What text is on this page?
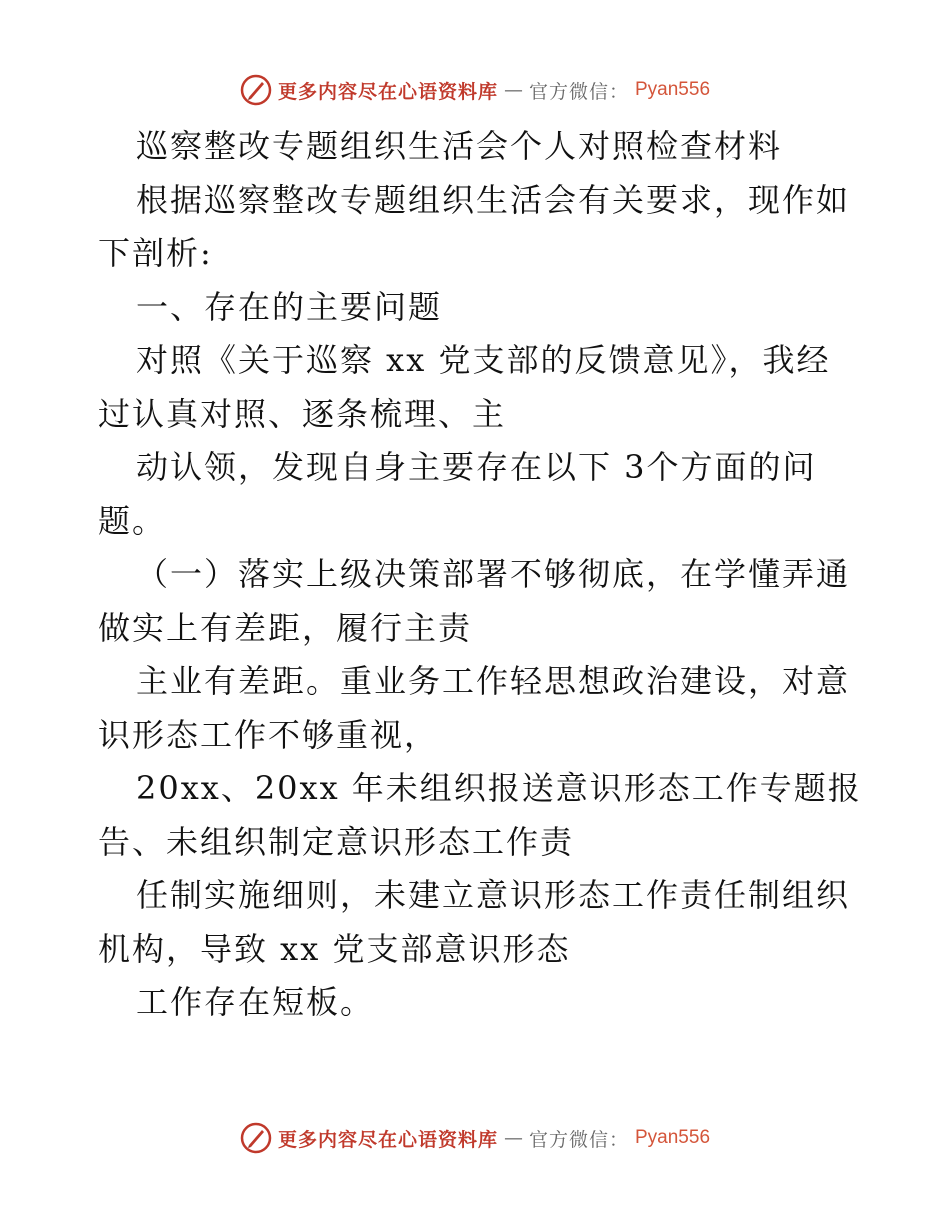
更多内容尽在心语资料库 — 官方微信： Pyan556
巡察整改专题组织生活会个人对照检查材料
根据巡察整改专题组织生活会有关要求，现作如
下剖析:
一、存在的主要问题
对照《关于巡察 xx 党支部的反馈意见》，我经
过认真对照、逐条梳理、主
动认领，发现自身主要存在以下 3个方面的问
题。
（一）落实上级决策部署不够彻底，在学懂弄通
做实上有差距，履行主责
主业有差距。重业务工作轻思想政治建设，对意
识形态工作不够重视，
20xx、20xx 年未组织报送意识形态工作专题报
告、未组织制定意识形态工作责
任制实施细则，未建立意识形态工作责任制组织
机构，导致 xx 党支部意识形态
工作存在短板。
更多内容尽在心语资料库 — 官方微信： Pyan556
